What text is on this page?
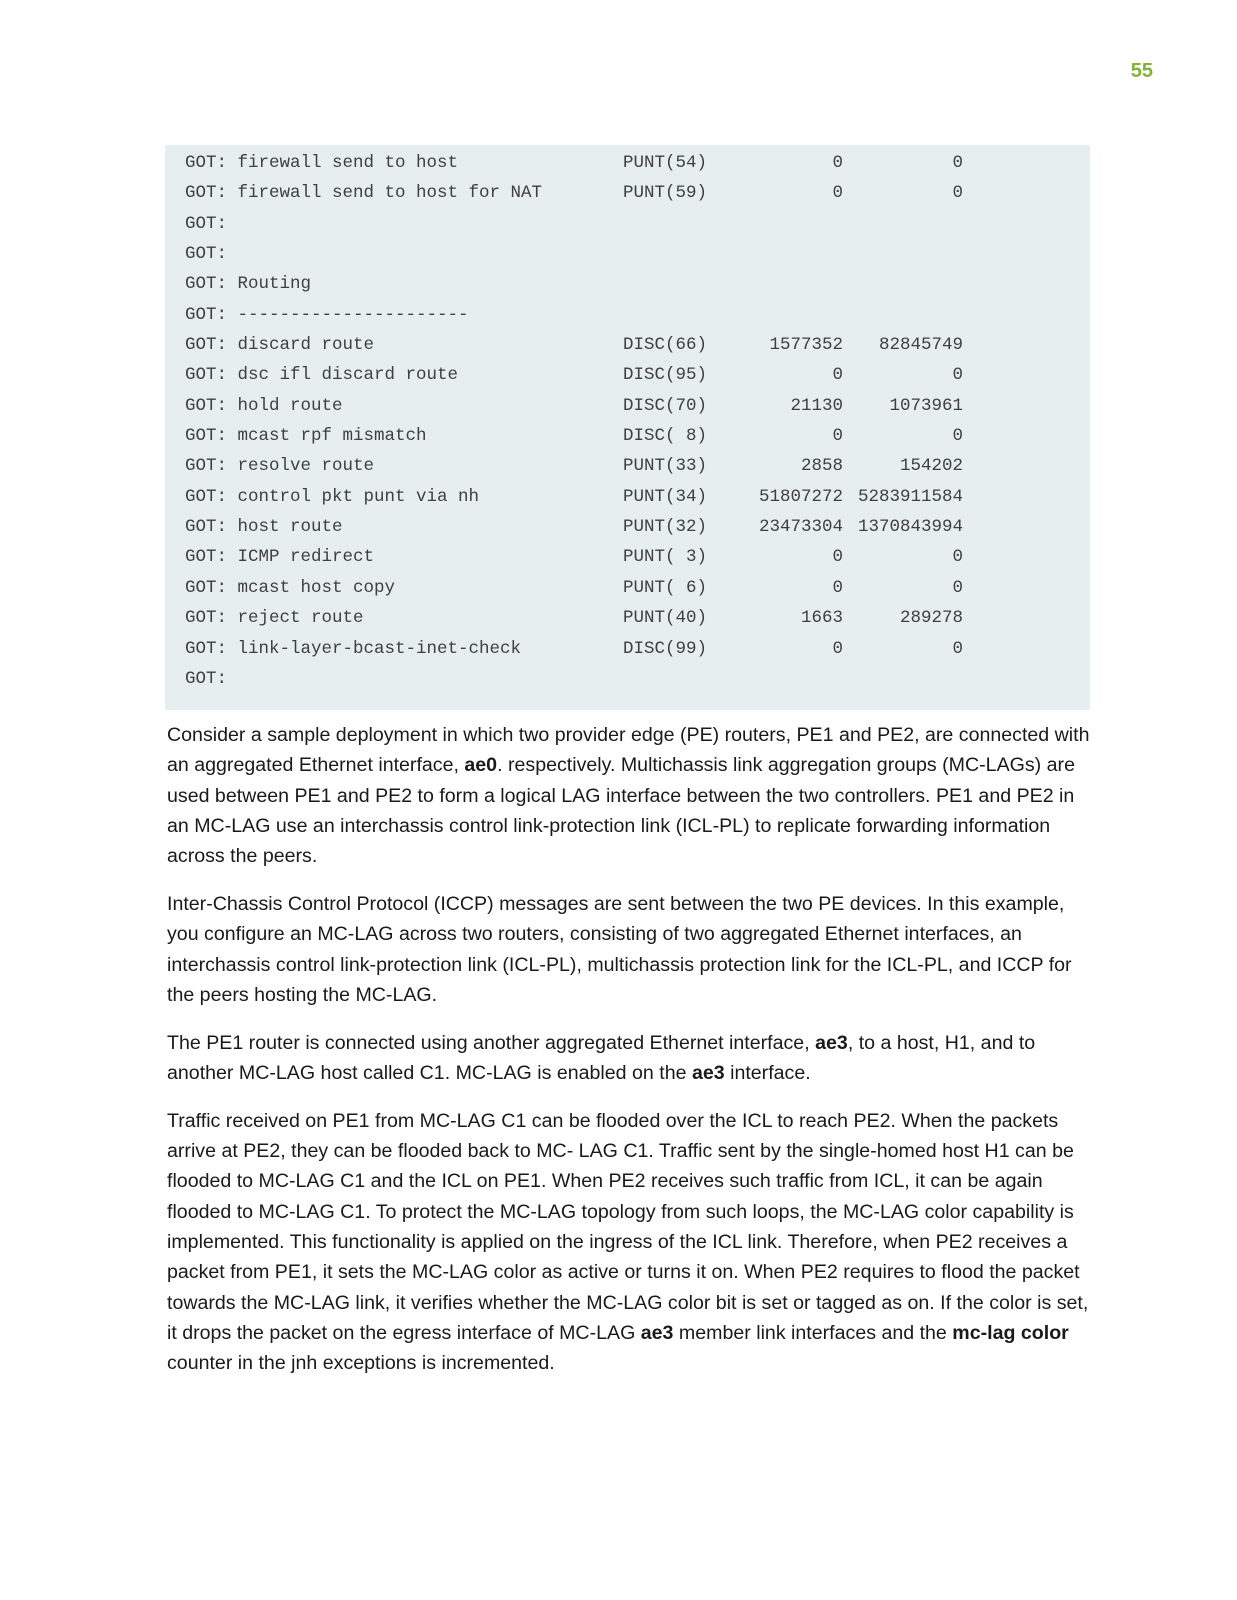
55
GOT: firewall send to host	PUNT(54)	0	0
GOT: firewall send to host for NAT	PUNT(59)	0	0
GOT:
GOT:
GOT: Routing
GOT: ----------------------
GOT: discard route	DISC(66)	1577352	82845749
GOT: dsc ifl discard route	DISC(95)	0	0
GOT: hold route	DISC(70)	21130	1073961
GOT: mcast rpf mismatch	DISC( 8)	0	0
GOT: resolve route	PUNT(33)	2858	154202
GOT: control pkt punt via nh	PUNT(34)	51807272 5283911584
GOT: host route	PUNT(32)	23473304 1370843994
GOT: ICMP redirect	PUNT( 3)	0	0
GOT: mcast host copy	PUNT( 6)	0	0
GOT: reject route	PUNT(40)	1663	289278
GOT: link-layer-bcast-inet-check	DISC(99)	0	0
GOT:

Consider a sample deployment in which two provider edge (PE) routers, PE1 and PE2, are connected with an aggregated Ethernet interface, ae0. respectively. Multichassis link aggregation groups (MC-LAGs) are used between PE1 and PE2 to form a logical LAG interface between the two controllers. PE1 and PE2 in an MC-LAG use an interchassis control link-protection link (ICL-PL) to replicate forwarding information across the peers.

Inter-Chassis Control Protocol (ICCP) messages are sent between the two PE devices. In this example, you configure an MC-LAG across two routers, consisting of two aggregated Ethernet interfaces, an interchassis control link-protection link (ICL-PL), multichassis protection link for the ICL-PL, and ICCP for the peers hosting the MC-LAG.

The PE1 router is connected using another aggregated Ethernet interface, ae3, to a host, H1, and to another MC-LAG host called C1. MC-LAG is enabled on the ae3 interface.

Traffic received on PE1 from MC-LAG C1 can be flooded over the ICL to reach PE2. When the packets arrive at PE2, they can be flooded back to MC- LAG C1. Traffic sent by the single-homed host H1 can be flooded to MC-LAG C1 and the ICL on PE1. When PE2 receives such traffic from ICL, it can be again flooded to MC-LAG C1. To protect the MC-LAG topology from such loops, the MC-LAG color capability is implemented. This functionality is applied on the ingress of the ICL link. Therefore, when PE2 receives a packet from PE1, it sets the MC-LAG color as active or turns it on. When PE2 requires to flood the packet towards the MC-LAG link, it verifies whether the MC-LAG color bit is set or tagged as on. If the color is set, it drops the packet on the egress interface of MC-LAG ae3 member link interfaces and the mc-lag color counter in the jnh exceptions is incremented.
